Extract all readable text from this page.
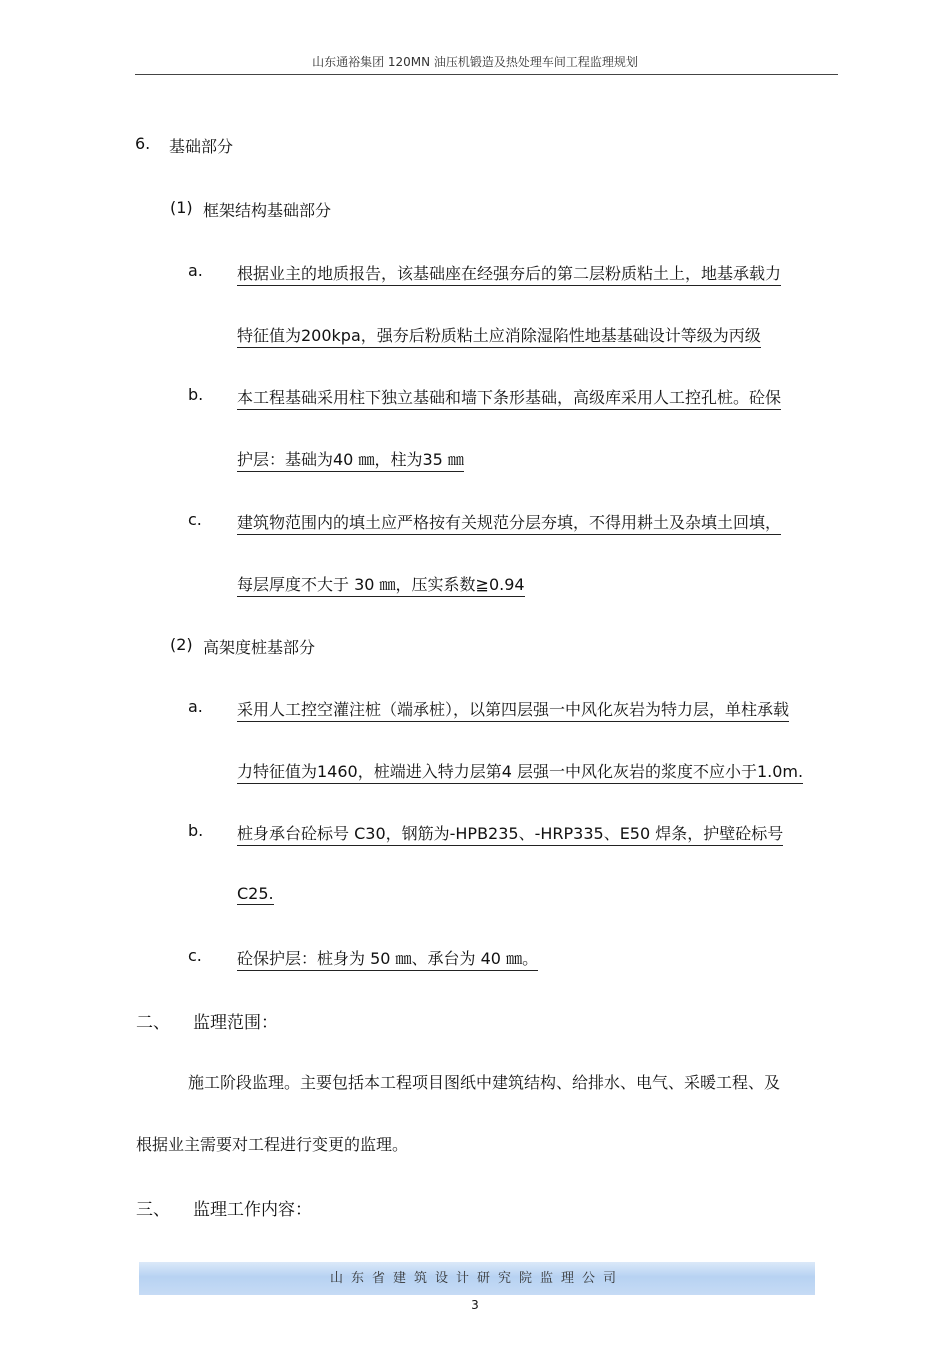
山东通裕集团 120MN 油压机锻造及热处理车间工程监理规划
6. 基础部分
(1) 框架结构基础部分
a. 根据业主的地质报告，该基础座在经强夯后的第二层粉质粘土上，地基承载力
特征值为200kpa，强夯后粉质粘土应消除湿陷性地基基础设计等级为丙级
b. 本工程基础采用柱下独立基础和墙下条形基础，高级库采用人工控孔桩。砼保
护层：基础为40 ㎜，柱为35 ㎜
c. 建筑物范围内的填土应严格按有关规范分层夯填，不得用耕土及杂填土回填，
每层厚度不大于 30 ㎜，压实系数≧0.94
(2) 高架度桩基部分
a. 采用人工控空灌注桩（端承桩），以第四层强一中风化灰岩为特力层，单柱承载
力特征值为1460，桩端进入特力层第4 层强一中风化灰岩的浆度不应小于1.0m.
b. 桩身承台砼标号 C30，钢筋为-HPB235、-HRP335、E50 焊条，护壁砼标号
C25.
c. 砼保护层：桩身为 50 ㎜、承台为 40 ㎜。
二、 监理范围：
施工阶段监理。主要包括本工程项目图纸中建筑结构、给排水、电气、采暖工程、及
根据业主需要对工程进行变更的监理。
三、 监理工作内容：
山东省建筑设计研究院监理公司
3
